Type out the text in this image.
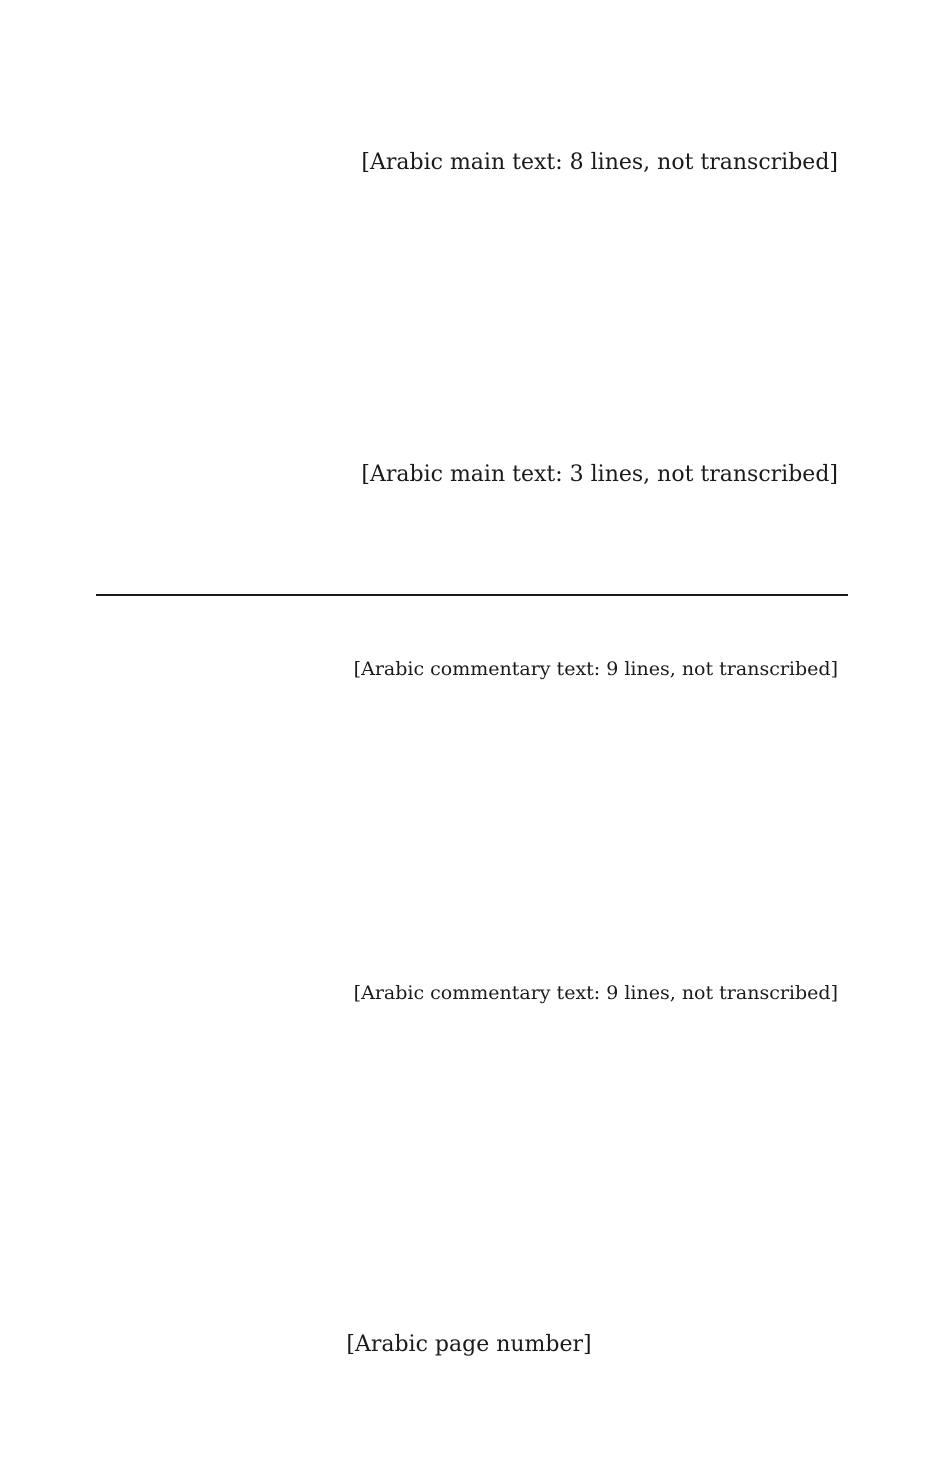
[Arabic main text: 8 lines, not transcribed]

[Arabic main text: 3 lines, not transcribed]

[Arabic commentary text: 9 lines, not transcribed]

[Arabic commentary text: 9 lines, not transcribed]

[Arabic page number]
